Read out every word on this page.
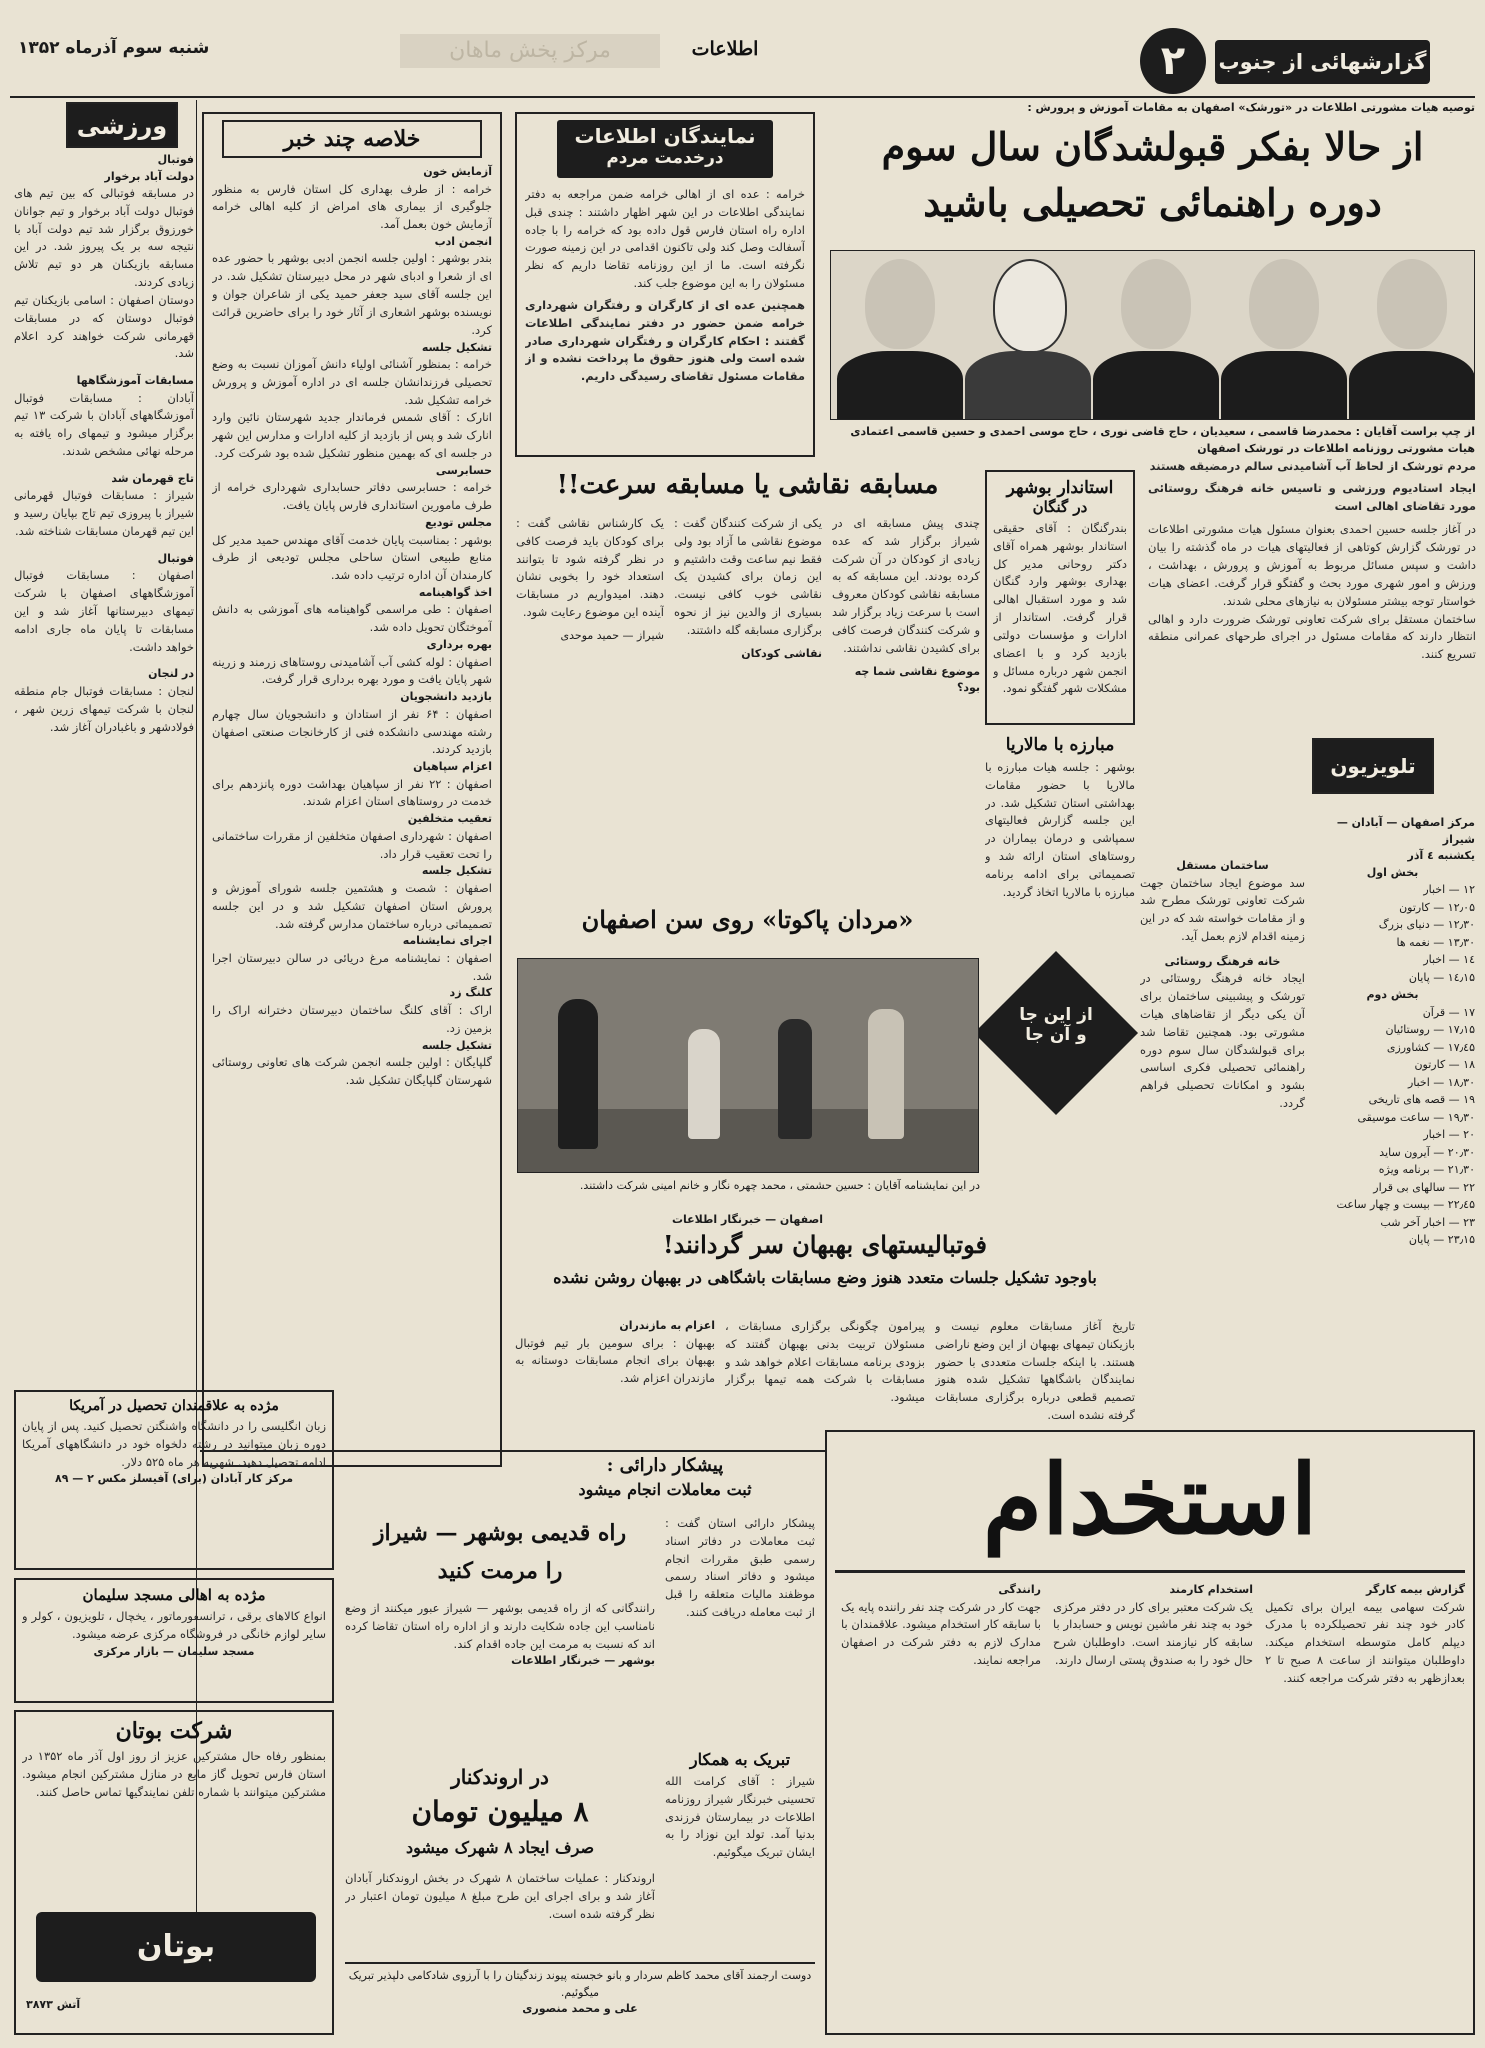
شنبه سوم آذرماه ۱۳۵۲	مرکز پخش ماهان	اطلاعات
گزارشهائی از جنوب
۲
ورزشی
فوتبال
دولت آباد برخوار
در مسابقه فوتبالی که بین تیم های فوتبال دولت آباد برخوار و تیم جوانان خورزوق برگزار شد تیم دولت آباد با نتیجه سه بر یک پیروز شد. در این مسابقه بازیکنان هر دو تیم تلاش زیادی کردند.
دوستان اصفهان : اسامی بازیکنان تیم فوتبال دوستان که در مسابقات قهرمانی شرکت خواهند کرد اعلام شد.
مسابقات آموزشگاهها
آبادان : مسابقات فوتبال آموزشگاههای آبادان با شرکت ۱۳ تیم برگزار میشود و تیمهای راه یافته به مرحله نهائی مشخص شدند.
تاج قهرمان شد
شیراز : مسابقات فوتبال قهرمانی شیراز با پیروزی تیم تاج بپایان رسید و این تیم قهرمان مسابقات شناخته شد.
فوتبال
اصفهان : مسابقات فوتبال آموزشگاههای اصفهان با شرکت تیمهای دبیرستانها آغاز شد و این مسابقات تا پایان ماه جاری ادامه خواهد داشت.
در لنجان
لنجان : مسابقات فوتبال جام منطقه لنجان با شرکت تیمهای زرین شهر ، فولادشهر و باغبادران آغاز شد.
خلاصه چند خبر
آزمایش خون
خرامه : از طرف بهداری کل استان فارس به منظور جلوگیری از بیماری های امراض از کلیه اهالی خرامه آزمایش خون بعمل آمد.
انجمن ادب
بندر بوشهر : اولین جلسه انجمن ادبی بوشهر با حضور عده ای از شعرا و ادبای شهر در محل دبیرستان تشکیل شد. در این جلسه آقای سید جعفر حمید یکی از شاعران جوان و نویسنده بوشهر اشعاری از آثار خود را برای حاضرین قرائت کرد.
تشکیل جلسه
خرامه : بمنظور آشنائی اولیاء دانش آموزان نسبت به وضع تحصیلی فرزندانشان جلسه ای در اداره آموزش و پرورش خرامه تشکیل شد.
انارک : آقای شمس فرماندار جدید شهرستان نائین وارد انارک شد و پس از بازدید از کلیه ادارات و مدارس این شهر در جلسه ای که بهمین منظور تشکیل شده بود شرکت کرد.
حسابرسی
خرامه : حسابرسی دفاتر حسابداری شهرداری خرامه از طرف مامورین استانداری فارس پایان یافت.
مجلس تودیع
بوشهر : بمناسبت پایان خدمت آقای مهندس حمید مدیر کل منابع طبیعی استان ساحلی مجلس تودیعی از طرف کارمندان آن اداره ترتیب داده شد.
اخذ گواهینامه
اصفهان : طی مراسمی گواهینامه های آموزشی به دانش آموختگان تحویل داده شد.
بهره برداری
اصفهان : لوله کشی آب آشامیدنی روستاهای زرمند و زرینه شهر پایان یافت و مورد بهره برداری قرار گرفت.
بازدید دانشجویان
اصفهان : ۶۴ نفر از استادان و دانشجویان سال چهارم رشته مهندسی دانشکده فنی از کارخانجات صنعتی اصفهان بازدید کردند.
اعزام سپاهیان
اصفهان : ۲۲ نفر از سپاهیان بهداشت دوره پانزدهم برای خدمت در روستاهای استان اعزام شدند.
تعقیب متخلفین
اصفهان : شهرداری اصفهان متخلفین از مقررات ساختمانی را تحت تعقیب قرار داد.
تشکیل جلسه
اصفهان : شصت و هشتمین جلسه شورای آموزش و پرورش استان اصفهان تشکیل شد و در این جلسه تصمیماتی درباره ساختمان مدارس گرفته شد.
اجرای نمایشنامه
اصفهان : نمایشنامه مرغ دریائی در سالن دبیرستان اجرا شد.
کلنگ زد
اراک : آقای کلنگ ساختمان دبیرستان دخترانه اراک را بزمین زد.
تشکیل جلسه
گلپایگان : اولین جلسه انجمن شرکت های تعاونی روستائی شهرستان گلپایگان تشکیل شد.
نمایندگان اطلاعات
درخدمت مردم
خرامه : عده ای از اهالی خرامه ضمن مراجعه به دفتر نمایندگی اطلاعات در این شهر اظهار داشتند : چندی قبل اداره راه استان فارس قول داده بود که خرامه را با جاده آسفالت وصل کند ولی تاکنون اقدامی در این زمینه صورت نگرفته است. ما از این روزنامه تقاضا داریم که نظر مسئولان را به این موضوع جلب کند.
همچنین عده ای از کارگران و رفتگران شهرداری خرامه ضمن حضور در دفتر نمایندگی اطلاعات گفتند : احکام کارگران و رفتگران شهرداری صادر شده است ولی هنوز حقوق ما پرداخت نشده و از مقامات مسئول تقاضای رسیدگی داریم.
توصیه هیات مشورتی اطلاعات در «تورشک» اصفهان به مقامات آموزش و پرورش :
از حالا بفکر قبولشدگان سال سوم
دوره راهنمائی تحصیلی باشید
از چپ براست آقایان : محمدرضا قاسمی ، سعیدیان ، حاج قاضی نوری ، حاج موسی احمدی و حسین قاسمی اعتمادی هیات مشورتی روزنامه اطلاعات در تورشک اصفهان
مردم تورشک از لحاظ آب آشامیدنی سالم درمضیقه هستند
ایجاد استادیوم ورزشی و تاسیس خانه فرهنگ روستائی مورد تقاضای اهالی است
در آغاز جلسه حسین احمدی بعنوان مسئول هیات مشورتی اطلاعات در تورشک گزارش کوتاهی از فعالیتهای هیات در ماه گذشته را بیان داشت و سپس مسائل مربوط به آموزش و پرورش ، بهداشت ، ورزش و امور شهری مورد بحث و گفتگو قرار گرفت. اعضای هیات خواستار توجه بیشتر مسئولان به نیازهای محلی شدند.
ساختمان مستقل برای شرکت تعاونی تورشک ضرورت دارد و اهالی انتظار دارند که مقامات مسئول در اجرای طرحهای عمرانی منطقه تسریع کنند.
تلویزیون
مرکز اصفهان — آبادان — شیراز
یکشنبه ٤ آذر
بخش اول
۱۲ — اخبار
۱۲٫۰۵ — کارتون
۱۲٫۳۰ — دنیای بزرگ
۱۳٫۳۰ — نغمه ها
۱٤ — اخبار
۱٤٫۱۵ — پایان
بخش دوم
۱۷ — قرآن
۱۷٫۱۵ — روستائیان
۱۷٫٤۵ — کشاورزی
۱۸ — کارتون
۱۸٫۳۰ — اخبار
۱۹ — قصه های تاریخی
۱۹٫۳۰ — ساعت موسیقی
۲۰ — اخبار
۲۰٫۳۰ — آیرون ساید
۲۱٫۳۰ — برنامه ویژه
۲۲ — سالهای بی قرار
۲۲٫٤۵ — بیست و چهار ساعت
۲۳ — اخبار آخر شب
۲۳٫۱۵ — پایان
ساختمان مستقل
سد موضوع ایجاد ساختمان جهت شرکت تعاونی تورشک مطرح شد و از مقامات خواسته شد که در این زمینه اقدام لازم بعمل آید.
خانه فرهنگ روستائی
ایجاد خانه فرهنگ روستائی در تورشک و پیشبینی ساختمان برای آن یکی دیگر از تقاضاهای هیات مشورتی بود. همچنین تقاضا شد برای قبولشدگان سال سوم دوره راهنمائی تحصیلی فکری اساسی بشود و امکانات تحصیلی فراهم گردد.
استاندار بوشهر
در گنگان
بندرگنگان : آقای حقیقی استاندار بوشهر همراه آقای دکتر روحانی مدیر کل بهداری بوشهر وارد گنگان شد و مورد استقبال اهالی قرار گرفت. استاندار از ادارات و مؤسسات دولتی بازدید کرد و با اعضای انجمن شهر درباره مسائل و مشکلات شهر گفتگو نمود.
مبارزه با مالاریا
بوشهر : جلسه هیات مبارزه با مالاریا با حضور مقامات بهداشتی استان تشکیل شد. در این جلسه گزارش فعالیتهای سمپاشی و درمان بیماران در روستاهای استان ارائه شد و تصمیماتی برای ادامه برنامه مبارزه با مالاریا اتخاذ گردید.
از این جا
و آن جا
مسابقه نقاشی یا مسابقه سرعت!!
چندی پیش مسابقه ای در شیراز برگزار شد که عده زیادی از کودکان در آن شرکت کرده بودند. این مسابقه که به مسابقه نقاشی کودکان معروف است با سرعت زیاد برگزار شد و شرکت کنندگان فرصت کافی برای کشیدن نقاشی نداشتند.
موضوع نقاشی شما چه بود؟
یکی از شرکت کنندگان گفت : موضوع نقاشی ما آزاد بود ولی فقط نیم ساعت وقت داشتیم و این زمان برای کشیدن یک نقاشی خوب کافی نیست. بسیاری از والدین نیز از نحوه برگزاری مسابقه گله داشتند.
نقاشی کودکان
یک کارشناس نقاشی گفت : برای کودکان باید فرصت کافی در نظر گرفته شود تا بتوانند استعداد خود را بخوبی نشان دهند. امیدواریم در مسابقات آینده این موضوع رعایت شود.
شیراز — حمید موحدی
«مردان پاکوتا» روی سن اصفهان
در این نمایشنامه آقایان : حسین حشمتی ، محمد چهره نگار و خانم امینی شرکت داشتند.
اصفهان — خبرنگار اطلاعات
فوتبالیستهای بهبهان سر گردانند!
باوجود تشکیل جلسات متعدد هنوز وضع مسابقات باشگاهی در بهبهان روشن نشده
تاریخ آغاز مسابقات معلوم نیست و بازیکنان تیمهای بهبهان از این وضع ناراضی هستند. با اینکه جلسات متعددی با حضور نمایندگان باشگاهها تشکیل شده هنوز تصمیم قطعی درباره برگزاری مسابقات گرفته نشده است.
پیرامون چگونگی برگزاری مسابقات ، مسئولان تربیت بدنی بهبهان گفتند که بزودی برنامه مسابقات اعلام خواهد شد و مسابقات با شرکت همه تیمها برگزار میشود.
اعزام به مازندران
بهبهان : برای سومین بار تیم فوتبال بهبهان برای انجام مسابقات دوستانه به مازندران اعزام شد.
پیشکار دارائی :
ثبت معاملات انجام میشود
راه قدیمی بوشهر — شیراز
را مرمت کنید
رانندگانی که از راه قدیمی بوشهر — شیراز عبور میکنند از وضع نامناسب این جاده شکایت دارند و از اداره راه استان تقاضا کرده اند که نسبت به مرمت این جاده اقدام کند.
بوشهر — خبرنگار اطلاعات
پیشکار دارائی استان گفت : ثبت معاملات در دفاتر اسناد رسمی طبق مقررات انجام میشود و دفاتر اسناد رسمی موظفند مالیات متعلقه را قبل از ثبت معامله دریافت کنند.
در اروندکنار
۸ میلیون تومان
صرف ایجاد ۸ شهرک میشود
اروندکنار : عملیات ساختمان ۸ شهرک در بخش اروندکنار آبادان آغاز شد و برای اجرای این طرح مبلغ ۸ میلیون تومان اعتبار در نظر گرفته شده است.
تبریک به همکار
شیراز : آقای کرامت الله تحسینی خبرنگار شیراز روزنامه اطلاعات در بیمارستان فرزندی بدنیا آمد. تولد این نوزاد را به ایشان تبریک میگوئیم.
دوست ارجمند آقای محمد کاظم سردار و بانو خجسته پیوند زندگیتان را با آرزوی شادکامی دلپذیر تبریک میگوئیم.
علی و محمد منصوری
مژده به علاقمندان تحصیل در آمریکا
زبان انگلیسی را در دانشگاه واشنگتن تحصیل کنید. پس از پایان دوره زبان میتوانید در رشته دلخواه خود در دانشگاههای آمریکا ادامه تحصیل دهید. شهریه هر ماه ۵۲۵ دلار.
مرکز کار آبادان (برای) آفیسلز مکس ۲ — ۸۹
مژده به اهالی مسجد سلیمان
انواع کالاهای برقی ، ترانسفورماتور ، یخچال ، تلویزیون ، کولر و سایر لوازم خانگی در فروشگاه مرکزی عرضه میشود.
مسجد سلیمان — بازار مرکزی
شرکت بوتان
بمنظور رفاه حال مشترکین عزیز از روز اول آذر ماه ۱۳۵۲ در استان فارس تحویل گاز مایع در منازل مشترکین انجام میشود. مشترکین میتوانند با شماره تلفن نمایندگیها تماس حاصل کنند.
بوتان
آتش ۳۸۷۳
استخدام
گزارش بیمه کارگر
شرکت سهامی بیمه ایران برای تکمیل کادر خود چند نفر تحصیلکرده با مدرک دیپلم کامل متوسطه استخدام میکند. داوطلبان میتوانند از ساعت ۸ صبح تا ۲ بعدازظهر به دفتر شرکت مراجعه کنند.
استخدام کارمند
یک شرکت معتبر برای کار در دفتر مرکزی خود به چند نفر ماشین نویس و حسابدار با سابقه کار نیازمند است. داوطلبان شرح حال خود را به صندوق پستی ارسال دارند.
رانندگی
جهت کار در شرکت چند نفر راننده پایه یک با سابقه کار استخدام میشود. علاقمندان با مدارک لازم به دفتر شرکت در اصفهان مراجعه نمایند.
